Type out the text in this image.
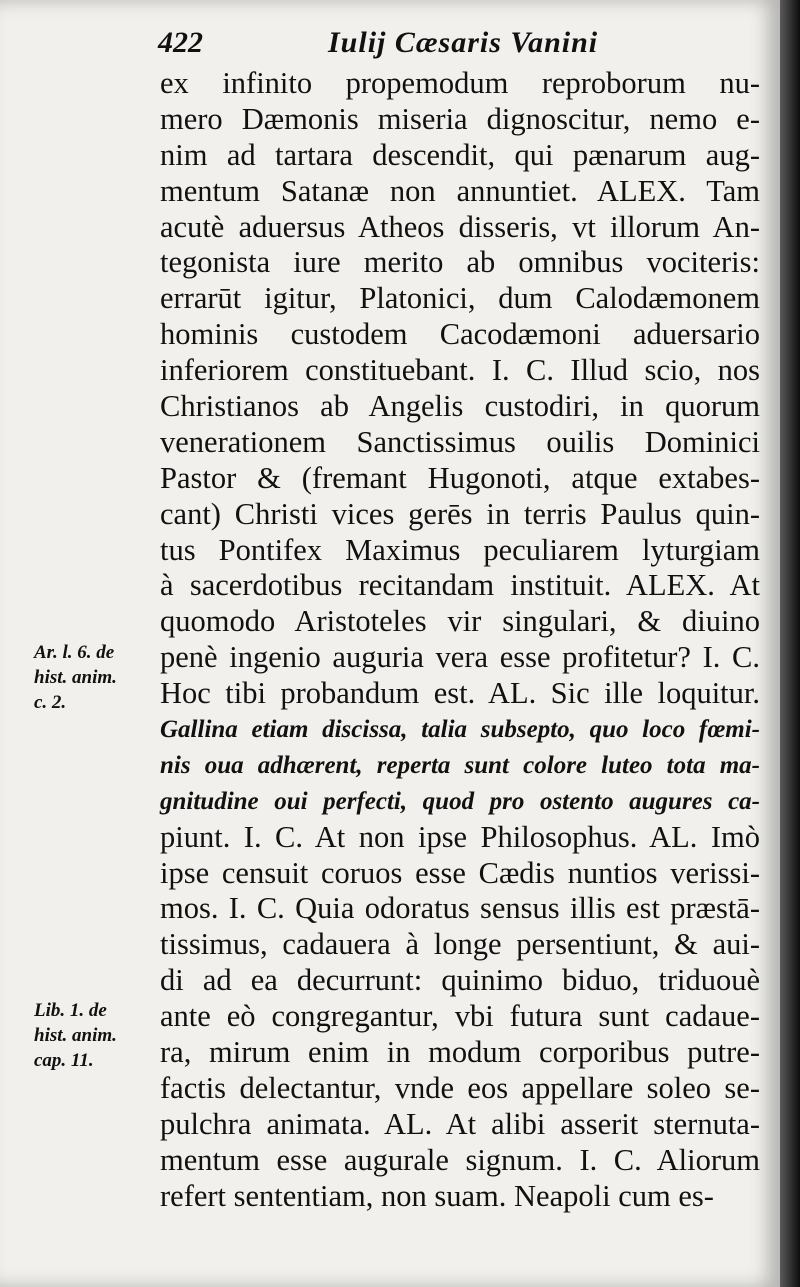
422	Iulij Cæsaris Vanini
ex infinito propemodum reproborum nu-
mero Dæmonis miseria dignoscitur, nemo e-
nim ad tartara descendit, qui pænarum aug-
mentum Satanæ non annuntiet. ALEX. Tam
acutè aduersus Atheos disseris, vt illorum An-
tegonista iure merito ab omnibus vociteris:
errarūt igitur, Platonici, dum Calodæmonem
hominis custodem Cacodæmoni aduersario
inferiorem constituebant. I. C. Illud scio, nos
Christianos ab Angelis custodiri, in quorum
venerationem Sanctissimus ouilis Dominici
Pastor & (fremant Hugonoti, atque extabes-
cant) Christi vices gerēs in terris Paulus quin-
tus Pontifex Maximus peculiarem lyturgiam
à sacerdotibus recitandam instituit. ALEX. At
quomodo Aristoteles vir singulari, & diuino
penè ingenio auguria vera esse profitetur? I. C.
Hoc tibi probandum est. AL. Sic ille loquitur.
Gallina etiam discissa, talia subsepto, quo loco fœmi-
nis oua adhærent, reperta sunt colore luteo tota ma-
gnitudine oui perfecti, quod pro ostento augures ca-
piunt. I. C. At non ipse Philosophus. AL. Imò
ipse censuit coruos esse Cædis nuntios verissi-
mos. I. C. Quia odoratus sensus illis est præstā-
tissimus, cadauera à longe persentiunt, & aui-
di ad ea decurrunt: quinimo biduo, triduouè
ante eò congregantur, vbi futura sunt cadaue-
ra, mirum enim in modum corporibus putre-
factis delectantur, vnde eos appellare soleo se-
pulchra animata. AL. At alibi asserit sternuta-
mentum esse augurale signum. I. C. Aliorum
refert sententiam, non suam. Neapoli cum es-
Ar. l. 6. de
hist. anim.
c. 2.
Lib. 1. de
hist. anim.
cap. 11.
